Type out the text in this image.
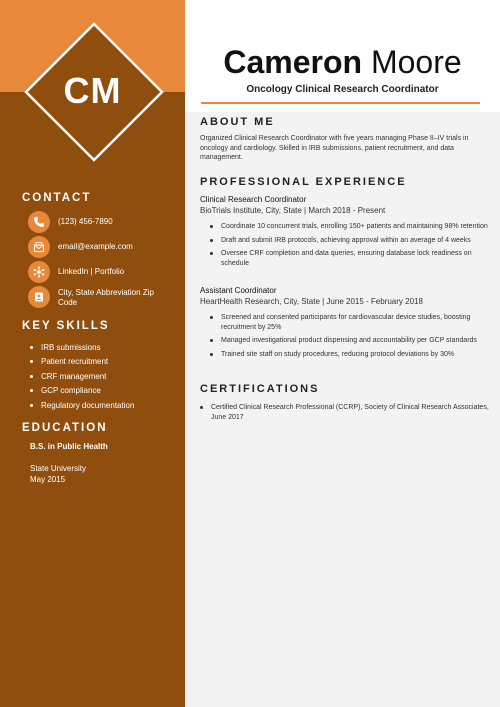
CM
Cameron Moore
Oncology Clinical Research Coordinator
CONTACT
(123) 456-7890
email@example.com
LinkedIn | Portfolio
City, State Abbreviation Zip Code
KEY SKILLS
IRB submissions
Patient recruitment
CRF management
GCP compliance
Regulatory documentation
EDUCATION
B.S. in Public Health
State University
May 2015
ABOUT ME
Organized Clinical Research Coordinator with five years managing Phase II–IV trials in oncology and cardiology. Skilled in IRB submissions, patient recruitment, and data management.
PROFESSIONAL EXPERIENCE
Clinical Research Coordinator
BioTrials Institute, City, State | March 2018 - Present
Coordinate 10 concurrent trials, enrolling 150+ patients and maintaining 98% retention
Draft and submit IRB protocols, achieving approval within an average of 4 weeks
Oversee CRF completion and data queries, ensuring database lock readiness on schedule
Assistant Coordinator
HeartHealth Research, City, State | June 2015 - February 2018
Screened and consented participants for cardiovascular device studies, boosting recruitment by 25%
Managed investigational product dispensing and accountability per GCP standards
Trained site staff on study procedures, reducing protocol deviations by 30%
CERTIFICATIONS
Certified Clinical Research Professional (CCRP), Society of Clinical Research Associates, June 2017
